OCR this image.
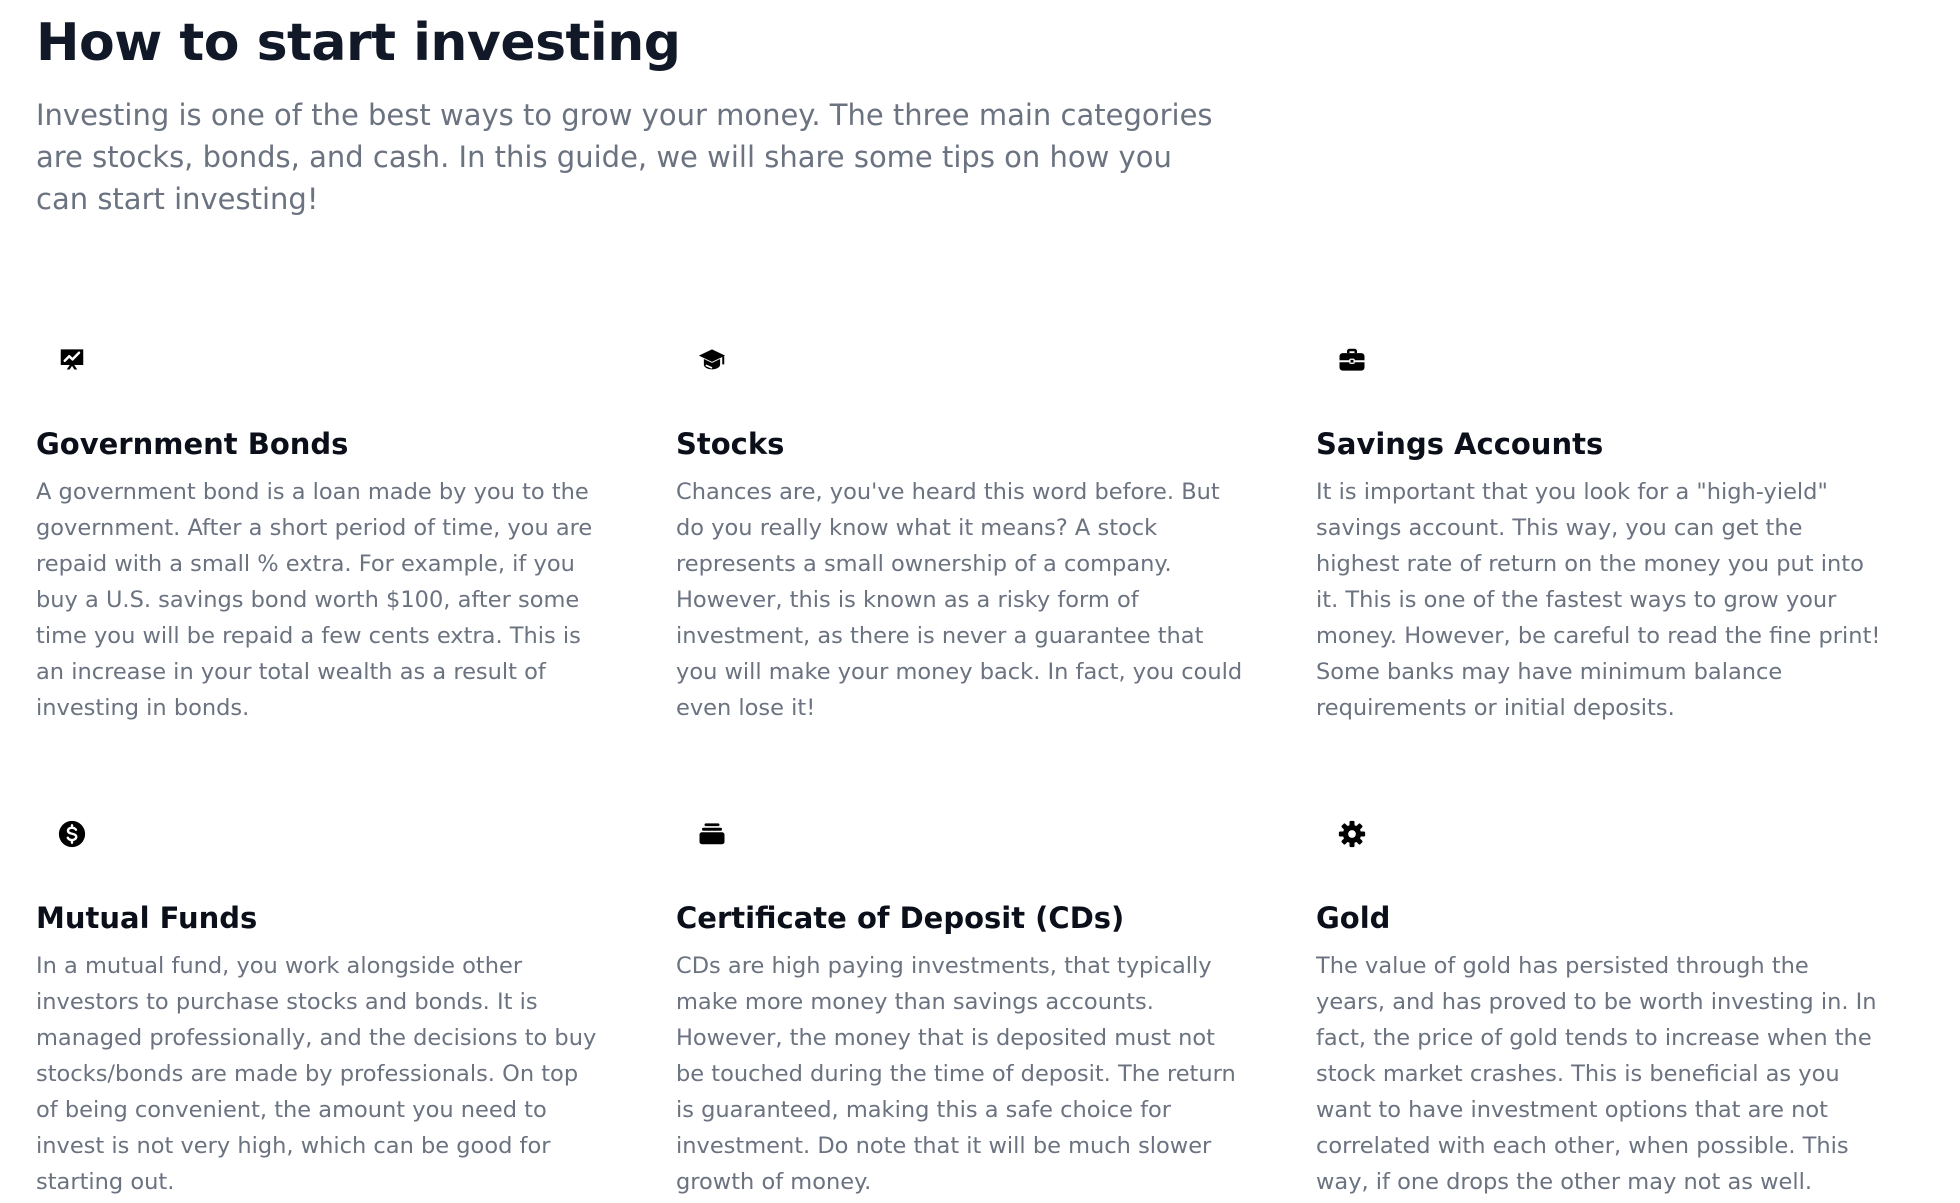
How to start investing

Investing is one of the best ways to grow your money. The three main categories are stocks, bonds, and cash. In this guide, we will share some tips on how you can start investing!

Government Bonds

A government bond is a loan made by you to the government. After a short period of time, you are repaid with a small % extra. For example, if you buy a U.S. savings bond worth $100, after some time you will be repaid a few cents extra. This is an increase in your total wealth as a result of investing in bonds.

Stocks

Chances are, you've heard this word before. But do you really know what it means? A stock represents a small ownership of a company. However, this is known as a risky form of investment, as there is never a guarantee that you will make your money back. In fact, you could even lose it!

Savings Accounts

It is important that you look for a "high-yield" savings account. This way, you can get the highest rate of return on the money you put into it. This is one of the fastest ways to grow your money. However, be careful to read the fine print! Some banks may have minimum balance requirements or initial deposits.

Mutual Funds

In a mutual fund, you work alongside other investors to purchase stocks and bonds. It is managed professionally, and the decisions to buy stocks/bonds are made by professionals. On top of being convenient, the amount you need to invest is not very high, which can be good for starting out.

Certificate of Deposit (CDs)

CDs are high paying investments, that typically make more money than savings accounts. However, the money that is deposited must not be touched during the time of deposit. The return is guaranteed, making this a safe choice for investment. Do note that it will be much slower growth of money.

Gold

The value of gold has persisted through the years, and has proved to be worth investing in. In fact, the price of gold tends to increase when the stock market crashes. This is beneficial as you want to have investment options that are not correlated with each other, when possible. This way, if one drops the other may not as well.
